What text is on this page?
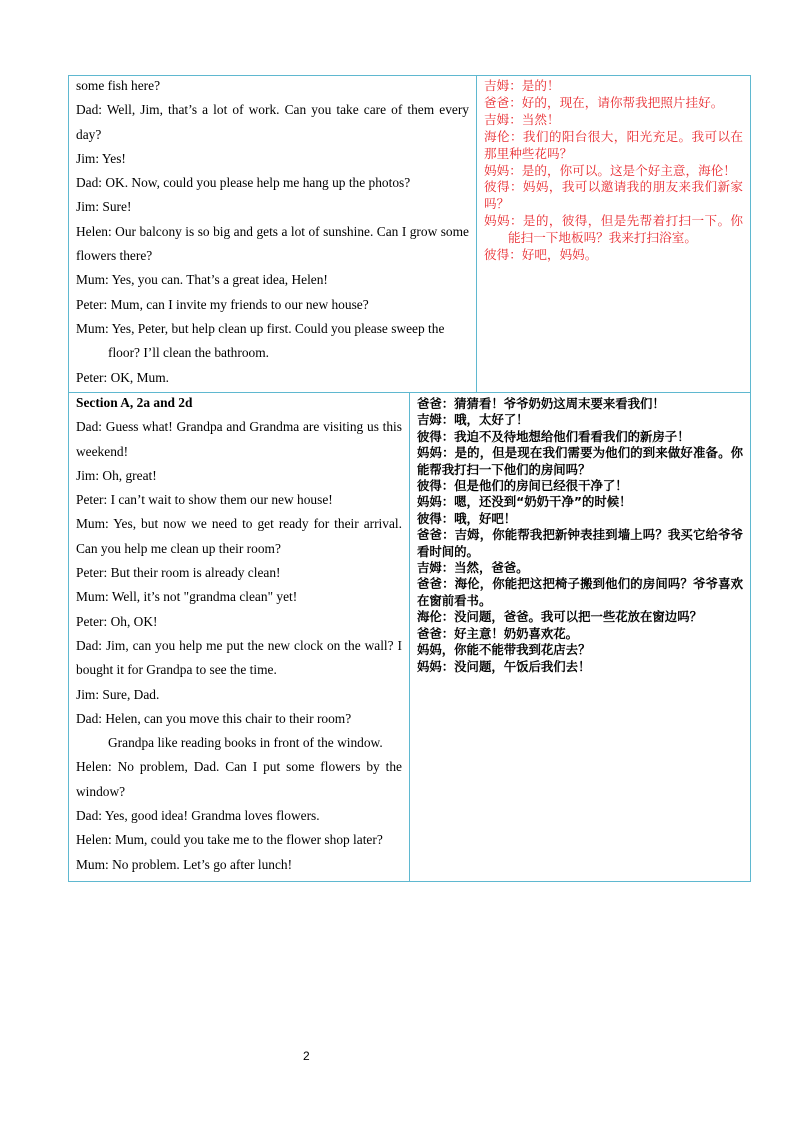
some fish here?

Dad: Well, Jim, that’s a lot of work. Can you take care of them every day?

Jim: Yes!

Dad: OK. Now, could you please help me hang up the photos?

Jim: Sure!

Helen: Our balcony is so big and gets a lot of sunshine. Can I grow some flowers there?

Mum: Yes, you can. That’s a great idea, Helen!

Peter: Mum, can I invite my friends to our new house?

Mum: Yes, Peter, but help clean up first. Could you please sweep the

floor? I’ll clean the bathroom.

Peter: OK, Mum.

吉姆：是的！

爸爸：好的，现在，请你帮我把照片挂好。

吉姆：当然！

海伦：我们的阳台很大，阳光充足。我可以在那里种些花吗？

妈妈：是的，你可以。这是个好主意，海伦！

彼得：妈妈，我可以邀请我的朋友来我们新家吗？

妈妈：是的，彼得，但是先帮着打扫一下。你能扫一下地板吗？我来打扫浴室。

彼得：好吧，妈妈。

Section A, 2a and 2d

Dad: Guess what! Grandpa and Grandma are visiting us this weekend!

Jim: Oh, great!

Peter: I can’t wait to show them our new house!

Mum: Yes, but now we need to get ready for their arrival. Can you help me clean up their room?

Peter: But their room is already clean!

Mum: Well, it’s not "grandma clean" yet!

Peter: Oh, OK!

Dad: Jim, can you help me put the new clock on the wall? I bought it for Grandpa to see the time.

Jim: Sure, Dad.

Dad: Helen, can you move this chair to their room?

Grandpa like reading books in front of the window.

Helen: No problem, Dad. Can I put some flowers by the window?

Dad: Yes, good idea! Grandma loves flowers.

Helen: Mum, could you take me to the flower shop later?

Mum: No problem. Let’s go after lunch!

爸爸：猜猜看！爷爷奶奶这周末要来看我们！

吉姆：哦，太好了！

彼得：我迫不及待地想给他们看看我们的新房子！

妈妈：是的，但是现在我们需要为他们的到来做好准备。你能帮我打扫一下他们的房间吗？

彼得：但是他们的房间已经很干净了！

妈妈：嗯，还没到“奶奶干净”的时候！

彼得：哦，好吧！

爸爸：吉姆，你能帮我把新钟表挂到墙上吗？我买它给爷爷看时间的。

吉姆：当然，爸爸。

爸爸：海伦，你能把这把椅子搬到他们的房间吗？爷爷喜欢在窗前看书。

海伦：没问题，爸爸。我可以把一些花放在窗边吗？

爸爸：好主意！奶奶喜欢花。

妈妈，你能不能带我到花店去？

妈妈：没问题，午饭后我们去！

2
